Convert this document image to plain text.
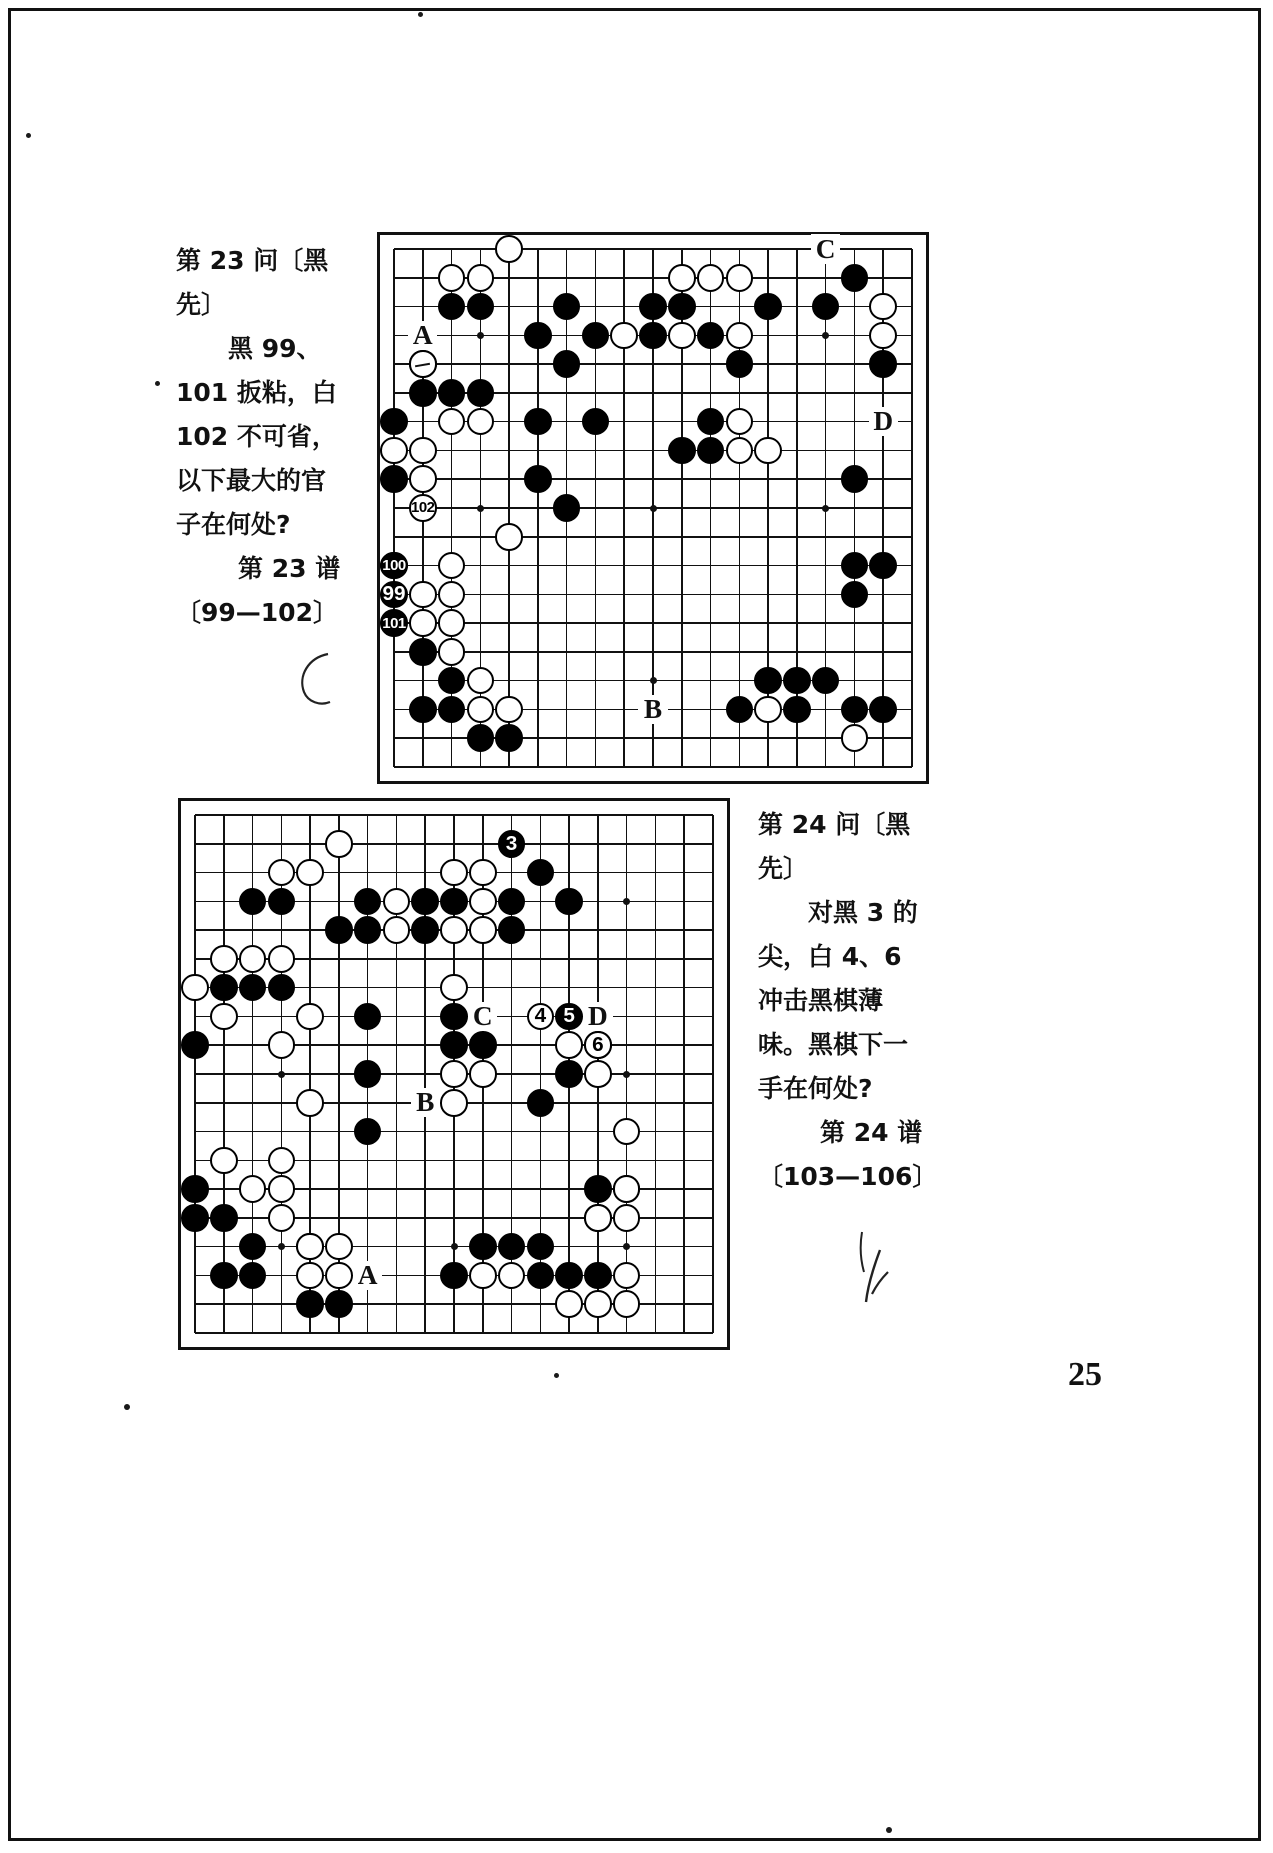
第 23 问〔黑
先〕
黑 99、
101 扳粘，白
102 不可省，
以下最大的官
子在何处?
第 23 谱
〔99—102〕
A
B
C
D
102
100
99
101
第 24 问〔黑
先〕
对黑 3 的
尖，白 4、6
冲击黑棋薄
味。黑棋下一
手在何处?
第 24 谱
〔103—106〕
A
B
C	D
3
4 5
6
25
